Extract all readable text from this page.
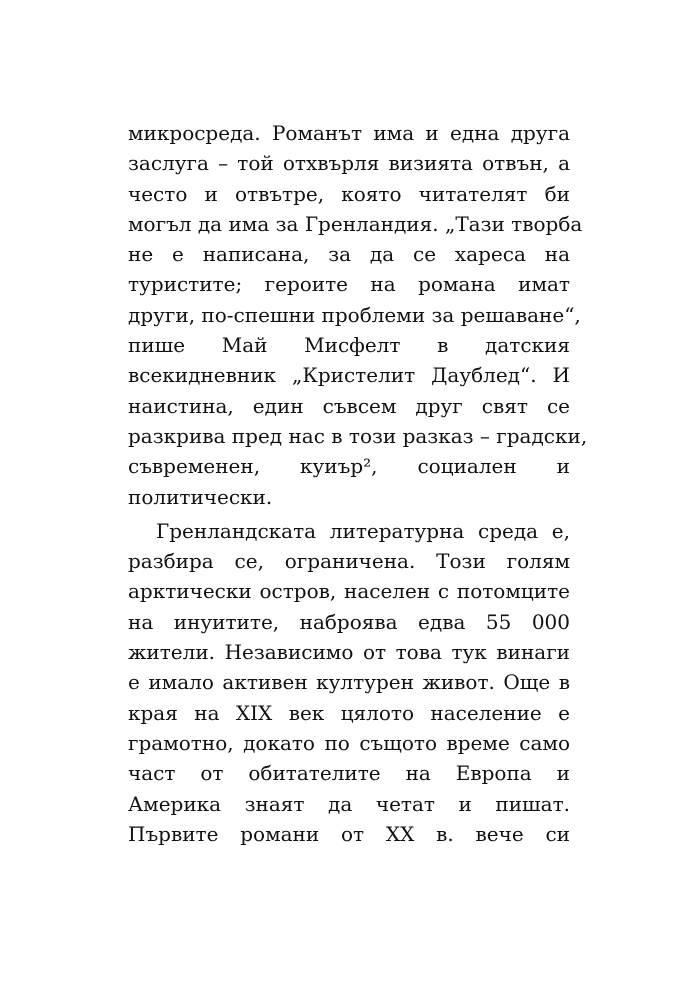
микросреда. Романът има и една друга
заслуга – той отхвърля визията отвън, а
често и отвътре, която читателят би
могъл да има за Гренландия. „Тази творба
не е написана, за да се хареса на
туристите; героите на романа имат
други, по-спешни проблеми за решаване“,
пише Май Мисфелт в датския
всекидневник „Кристелит Даублед“. И
наистина, един съвсем друг свят се
разкрива пред нас в този разказ – градски,
съвременен, куиър², социален и
политически.
Гренландската литературна среда е,
разбира се, ограничена. Този голям
арктически остров, населен с потомците
на инуитите, наброява едва 55 000
жители. Независимо от това тук винаги
е имало активен културен живот. Още в
края на XIX век цялото население е
грамотно, докато по същото време само
част от обитателите на Европа и
Америка знаят да четат и пишат.
Първите романи от XX в. вече си
